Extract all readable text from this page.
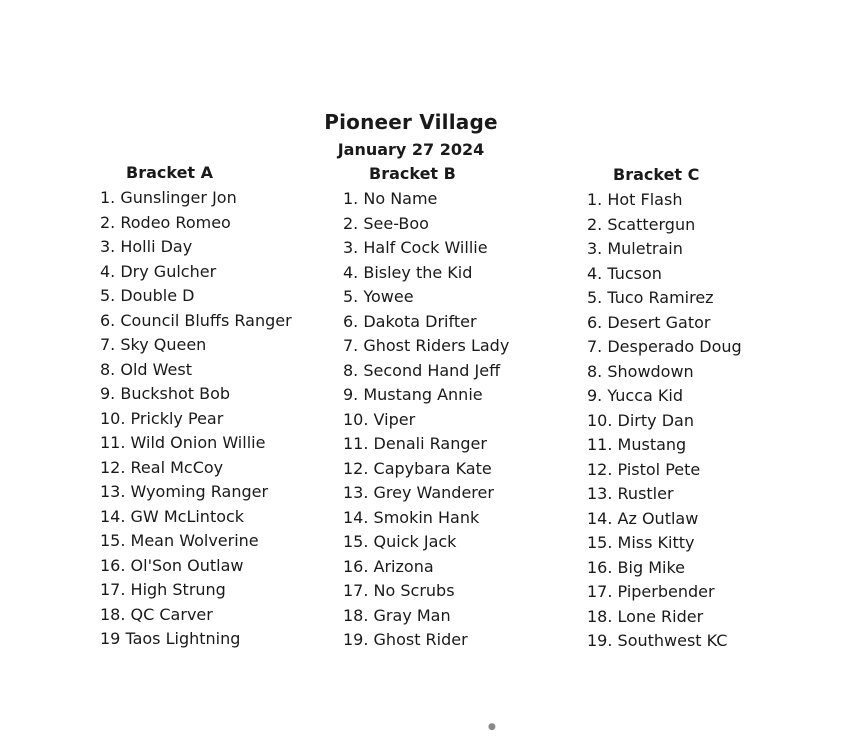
Pioneer Village
January 27 2024
Bracket A
1. Gunslinger Jon
2. Rodeo Romeo
3. Holli Day
4. Dry Gulcher
5. Double D
6. Council Bluffs Ranger
7. Sky Queen
8. Old West
9. Buckshot Bob
10. Prickly Pear
11. Wild Onion Willie
12. Real McCoy
13. Wyoming Ranger
14. GW McLintock
15. Mean Wolverine
16. Ol'Son Outlaw
17. High Strung
18. QC Carver
19 Taos Lightning
Bracket B
1. No Name
2. See-Boo
3. Half Cock Willie
4. Bisley the Kid
5. Yowee
6. Dakota Drifter
7. Ghost Riders Lady
8. Second Hand Jeff
9. Mustang Annie
10. Viper
11. Denali Ranger
12. Capybara Kate
13. Grey Wanderer
14. Smokin Hank
15. Quick Jack
16. Arizona
17. No Scrubs
18. Gray Man
19. Ghost Rider
Bracket C
1. Hot Flash
2. Scattergun
3. Muletrain
4. Tucson
5. Tuco Ramirez
6. Desert Gator
7. Desperado Doug
8. Showdown
9. Yucca Kid
10. Dirty Dan
11. Mustang
12. Pistol Pete
13. Rustler
14. Az Outlaw
15. Miss Kitty
16. Big Mike
17. Piperbender
18. Lone Rider
19. Southwest KC
●
